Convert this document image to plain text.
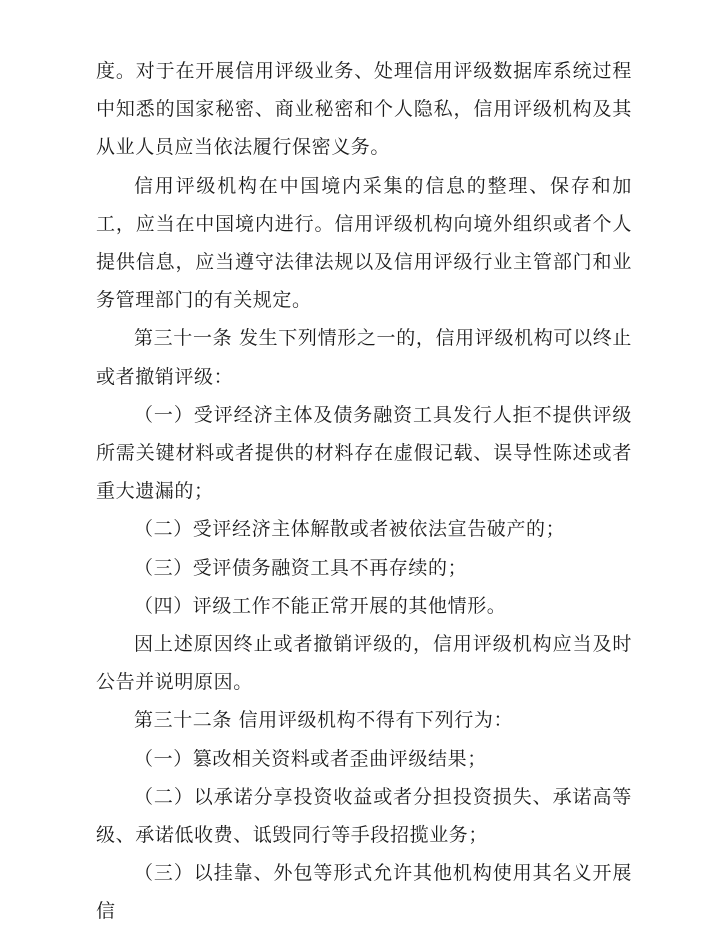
度。对于在开展信用评级业务、处理信用评级数据库系统过程中知悉的国家秘密、商业秘密和个人隐私，信用评级机构及其从业人员应当依法履行保密义务。

信用评级机构在中国境内采集的信息的整理、保存和加工，应当在中国境内进行。信用评级机构向境外组织或者个人提供信息，应当遵守法律法规以及信用评级行业主管部门和业务管理部门的有关规定。

第三十一条 发生下列情形之一的，信用评级机构可以终止或者撤销评级：

（一）受评经济主体及债务融资工具发行人拒不提供评级所需关键材料或者提供的材料存在虚假记载、误导性陈述或者重大遗漏的；

（二）受评经济主体解散或者被依法宣告破产的；

（三）受评债务融资工具不再存续的；

（四）评级工作不能正常开展的其他情形。

因上述原因终止或者撤销评级的，信用评级机构应当及时公告并说明原因。

第三十二条 信用评级机构不得有下列行为：

（一）篡改相关资料或者歪曲评级结果；

（二）以承诺分享投资收益或者分担投资损失、承诺高等级、承诺低收费、诋毁同行等手段招揽业务；

（三）以挂靠、外包等形式允许其他机构使用其名义开展信
